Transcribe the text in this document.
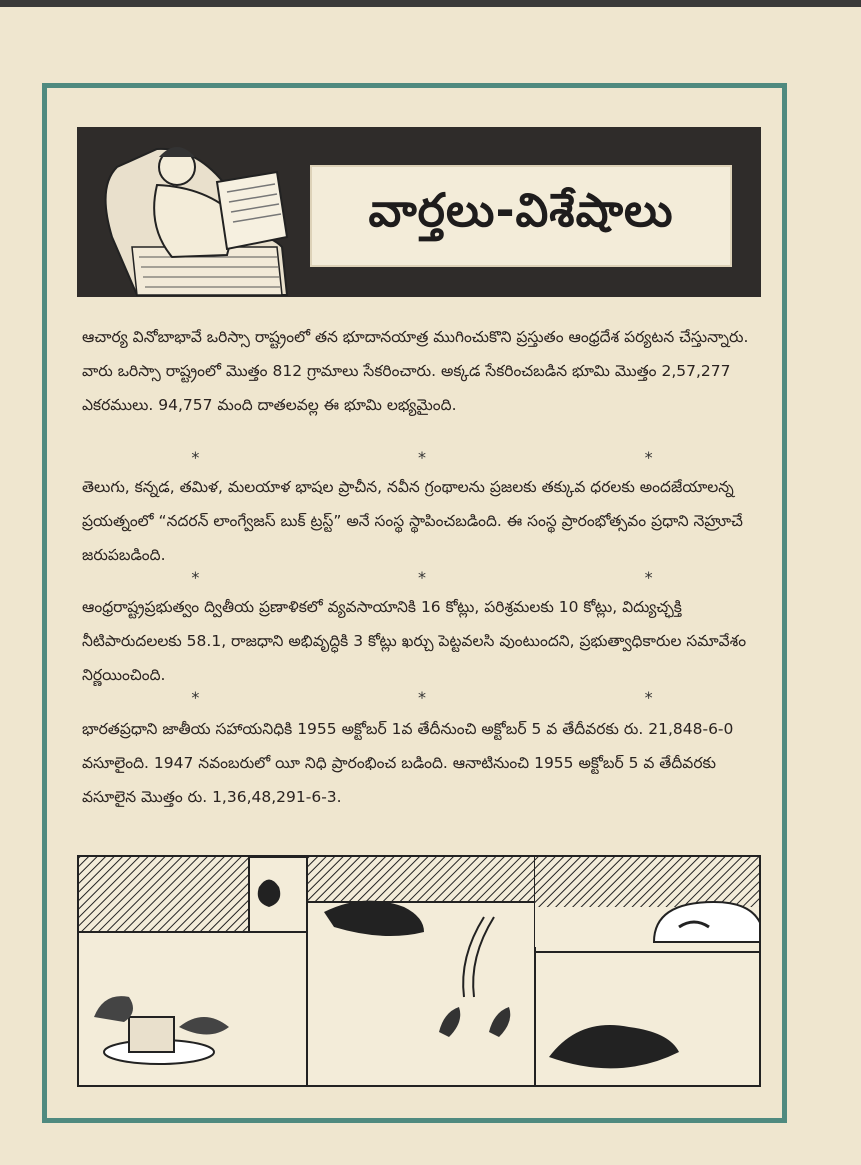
వార్తలు-విశేషాలు

ఆచార్య వినోబాభావే ఒరిస్సా రాష్ట్రంలో తన భూదానయాత్ర ముగించుకొని ప్రస్తుతం ఆంధ్రదేశ పర్యటన చేస్తున్నారు. వారు ఒరిస్సా రాష్ట్రంలో మొత్తం 812 గ్రామాలు సేకరించారు. అక్కడ సేకరించబడిన భూమి మొత్తం 2,57,277 ఎకరములు. 94,757 మంది దాతలవల్ల ఈ భూమి లభ్యమైంది.

*	*	*

తెలుగు, కన్నడ, తమిళ, మలయాళ భాషల ప్రాచీన, నవీన గ్రంథాలను ప్రజలకు తక్కువ ధరలకు అందజేయాలన్న ప్రయత్నంలో “నదరన్ లాంగ్వేజస్ బుక్ ట్రస్ట్” అనే సంస్థ స్థాపించబడింది. ఈ సంస్థ ప్రారంభోత్సవం ప్రధాని నెహ్రూచే జరుపబడింది.

*	*	*

ఆంధ్రరాష్ట్రప్రభుత్వం ద్వితీయ ప్రణాళికలో వ్యవసాయానికి 16 కోట్లు, పరిశ్రమలకు 10 కోట్లు, విద్యుచ్ఛక్తి నీటిపారుదలలకు 58.1, రాజధాని అభివృద్ధికి 3 కోట్లు ఖర్చు పెట్టవలసి వుంటుందని, ప్రభుత్వాధికారుల సమావేశం నిర్ణయించింది.

*	*	*

భారతప్రధాని జాతీయ సహాయనిధికి 1955 అక్టోబర్ 1వ తేదీనుంచి అక్టోబర్ 5 వ తేదీవరకు రు. 21,848-6-0 వసూలైంది. 1947 నవంబరులో యీ నిధి ప్రారంభించ బడింది. ఆనాటినుంచి 1955 అక్టోబర్ 5 వ తేదీవరకు వసూలైన మొత్తం రు. 1,36,48,291-6-3.
